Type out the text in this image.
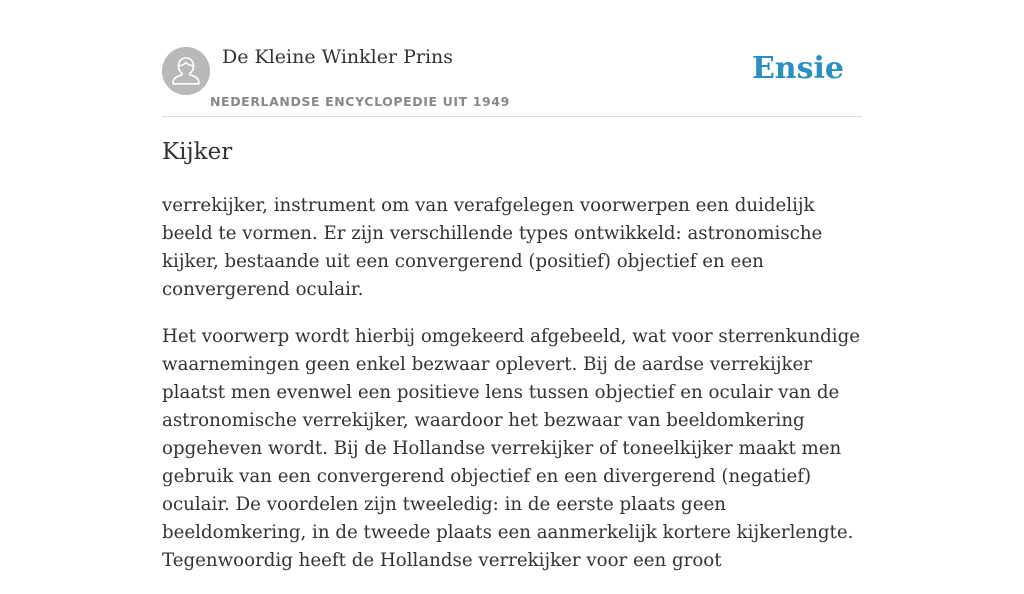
De Kleine Winkler Prins
NEDERLANDSE ENCYCLOPEDIE UIT 1949
Ensie
Kijker

verrekijker, instrument om van verafgelegen voorwerpen een duidelijk beeld te vormen. Er zijn verschillende types ontwikkeld: astronomische kijker, bestaande uit een convergerend (positief) objectief en een convergerend oculair.

Het voorwerp wordt hierbij omgekeerd afgebeeld, wat voor sterrenkundige waarnemingen geen enkel bezwaar oplevert. Bij de aardse verrekijker plaatst men evenwel een positieve lens tussen objectief en oculair van de astronomische verrekijker, waardoor het bezwaar van beeldomkering opgeheven wordt. Bij de Hollandse verrekijker of toneelkijker maakt men gebruik van een convergerend objectief en een divergerend (negatief) oculair. De voordelen zijn tweeledig: in de eerste plaats geen beeldomkering, in de tweede plaats een aanmerkelijk kortere kijkerlengte. Tegenwoordig heeft de Hollandse verrekijker voor een groot
